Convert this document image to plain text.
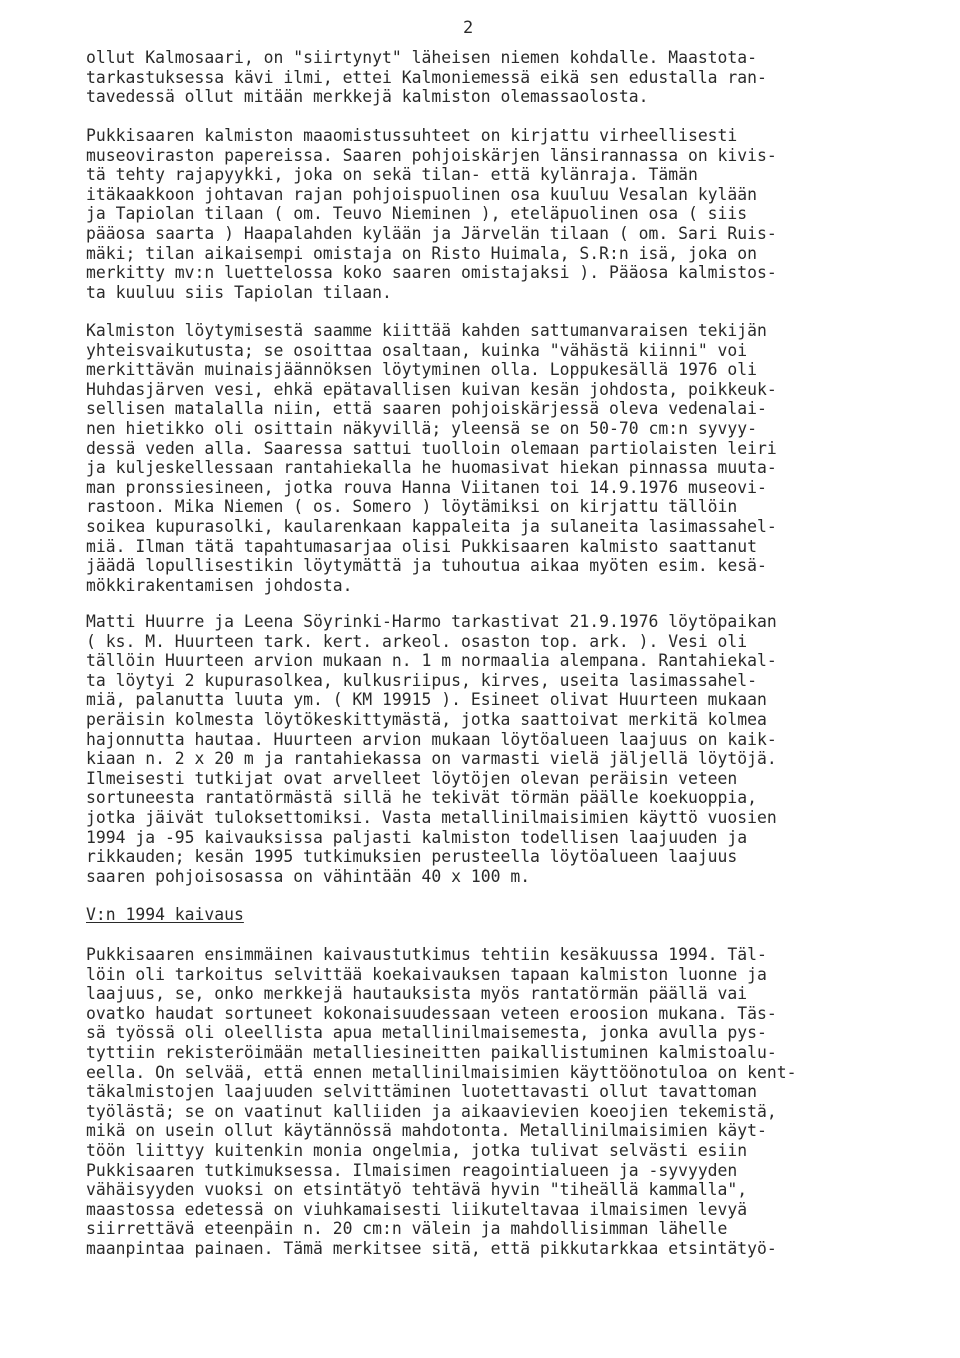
2
ollut Kalmosaari, on "siirtynyt" läheisen niemen kohdalle. Maastota-
tarkastuksessa kävi ilmi, ettei Kalmoniemessä eikä sen edustalla ran-
tavedessä ollut mitään merkkejä kalmiston olemassaolosta.
Pukkisaaren kalmiston maaomistussuhteet on kirjattu virheellisesti
museoviraston papereissa. Saaren pohjoiskärjen länsirannassa on kivis-
tä tehty rajapyykki, joka on sekä tilan- että kylänraja. Tämän
itäkaakkoon johtavan rajan pohjoispuolinen osa kuuluu Vesalan kylään
ja Tapiolan tilaan ( om. Teuvo Nieminen ), eteläpuolinen osa ( siis
pääosa saarta ) Haapalahden kylään ja Järvelän tilaan ( om. Sari Ruis-
mäki; tilan aikaisempi omistaja on Risto Huimala, S.R:n isä, joka on
merkitty mv:n luettelossa koko saaren omistajaksi ). Pääosa kalmistos-
ta kuuluu siis Tapiolan tilaan.
Kalmiston löytymisestä saamme kiittää kahden sattumanvaraisen tekijän
yhteisvaikutusta; se osoittaa osaltaan, kuinka "vähästä kiinni" voi
merkittävän muinaisjäännöksen löytyminen olla. Loppukesällä 1976 oli
Huhdasjärven vesi, ehkä epätavallisen kuivan kesän johdosta, poikkeuk-
sellisen matalalla niin, että saaren pohjoiskärjessä oleva vedenalai-
nen hietikko oli osittain näkyvillä; yleensä se on 50-70 cm:n syvyy-
dessä veden alla. Saaressa sattui tuolloin olemaan partiolaisten leiri
ja kuljeskellessaan rantahiekalla he huomasivat hiekan pinnassa muuta-
man pronssiesineen, jotka rouva Hanna Viitanen toi 14.9.1976 museovi-
rastoon. Mika Niemen ( os. Somero ) löytämiksi on kirjattu tällöin
soikea kupurasolki, kaularenkaan kappaleita ja sulaneita lasimassahel-
miä. Ilman tätä tapahtumasarjaa olisi Pukkisaaren kalmisto saattanut
jäädä lopullisestikin löytymättä ja tuhoutua aikaa myöten esim. kesä-
mökkirakentamisen johdosta.
Matti Huurre ja Leena Söyrinki-Harmo tarkastivat 21.9.1976 löytöpaikan
( ks. M. Huurteen tark. kert. arkeol. osaston top. ark. ). Vesi oli
tällöin Huurteen arvion mukaan n. 1 m normaalia alempana. Rantahiekal-
ta löytyi 2 kupurasolkea, kulkusriipus, kirves, useita lasimassahel-
miä, palanutta luuta ym. ( KM 19915 ). Esineet olivat Huurteen mukaan
peräisin kolmesta löytökeskittymästä, jotka saattoivat merkitä kolmea
hajonnutta hautaa. Huurteen arvion mukaan löytöalueen laajuus on kaik-
kiaan n. 2 x 20 m ja rantahiekassa on varmasti vielä jäljellä löytöjä.
Ilmeisesti tutkijat ovat arvelleet löytöjen olevan peräisin veteen
sortuneesta rantatörmästä sillä he tekivät törmän päälle koekuoppia,
jotka jäivät tuloksettomiksi. Vasta metallinilmaisimien käyttö vuosien
1994 ja -95 kaivauksissa paljasti kalmiston todellisen laajuuden ja
rikkauden; kesän 1995 tutkimuksien perusteella löytöalueen laajuus
saaren pohjoisosassa on vähintään 40 x 100 m.
V:n 1994 kaivaus
Pukkisaaren ensimmäinen kaivaustutkimus tehtiin kesäkuussa 1994. Täl-
löin oli tarkoitus selvittää koekaivauksen tapaan kalmiston luonne ja
laajuus, se, onko merkkejä hautauksista myös rantatörmän päällä vai
ovatko haudat sortuneet kokonaisuudessaan veteen eroosion mukana. Täs-
sä työssä oli oleellista apua metallinilmaisemesta, jonka avulla pys-
tyttiin rekisteröimään metalliesineitten paikallistuminen kalmistoalu-
eella. On selvää, että ennen metallinilmaisimien käyttöönotuloa on kent-
täkalmistojen laajuuden selvittäminen luotettavasti ollut tavattoman
työlästä; se on vaatinut kalliiden ja aikaavievien koeojien tekemistä,
mikä on usein ollut käytännössä mahdotonta. Metallinilmaisimien käyt-
töön liittyy kuitenkin monia ongelmia, jotka tulivat selvästi esiin
Pukkisaaren tutkimuksessa. Ilmaisimen reagointialueen ja -syvyyden
vähäisyyden vuoksi on etsintätyö tehtävä hyvin "tiheällä kammalla",
maastossa edetessä on viuhkamaisesti liikuteltavaa ilmaisimen levyä
siirrettävä eteenpäin n. 20 cm:n välein ja mahdollisimman lähelle
maanpintaa painaen. Tämä merkitsee sitä, että pikkutarkkaa etsintätyö-
